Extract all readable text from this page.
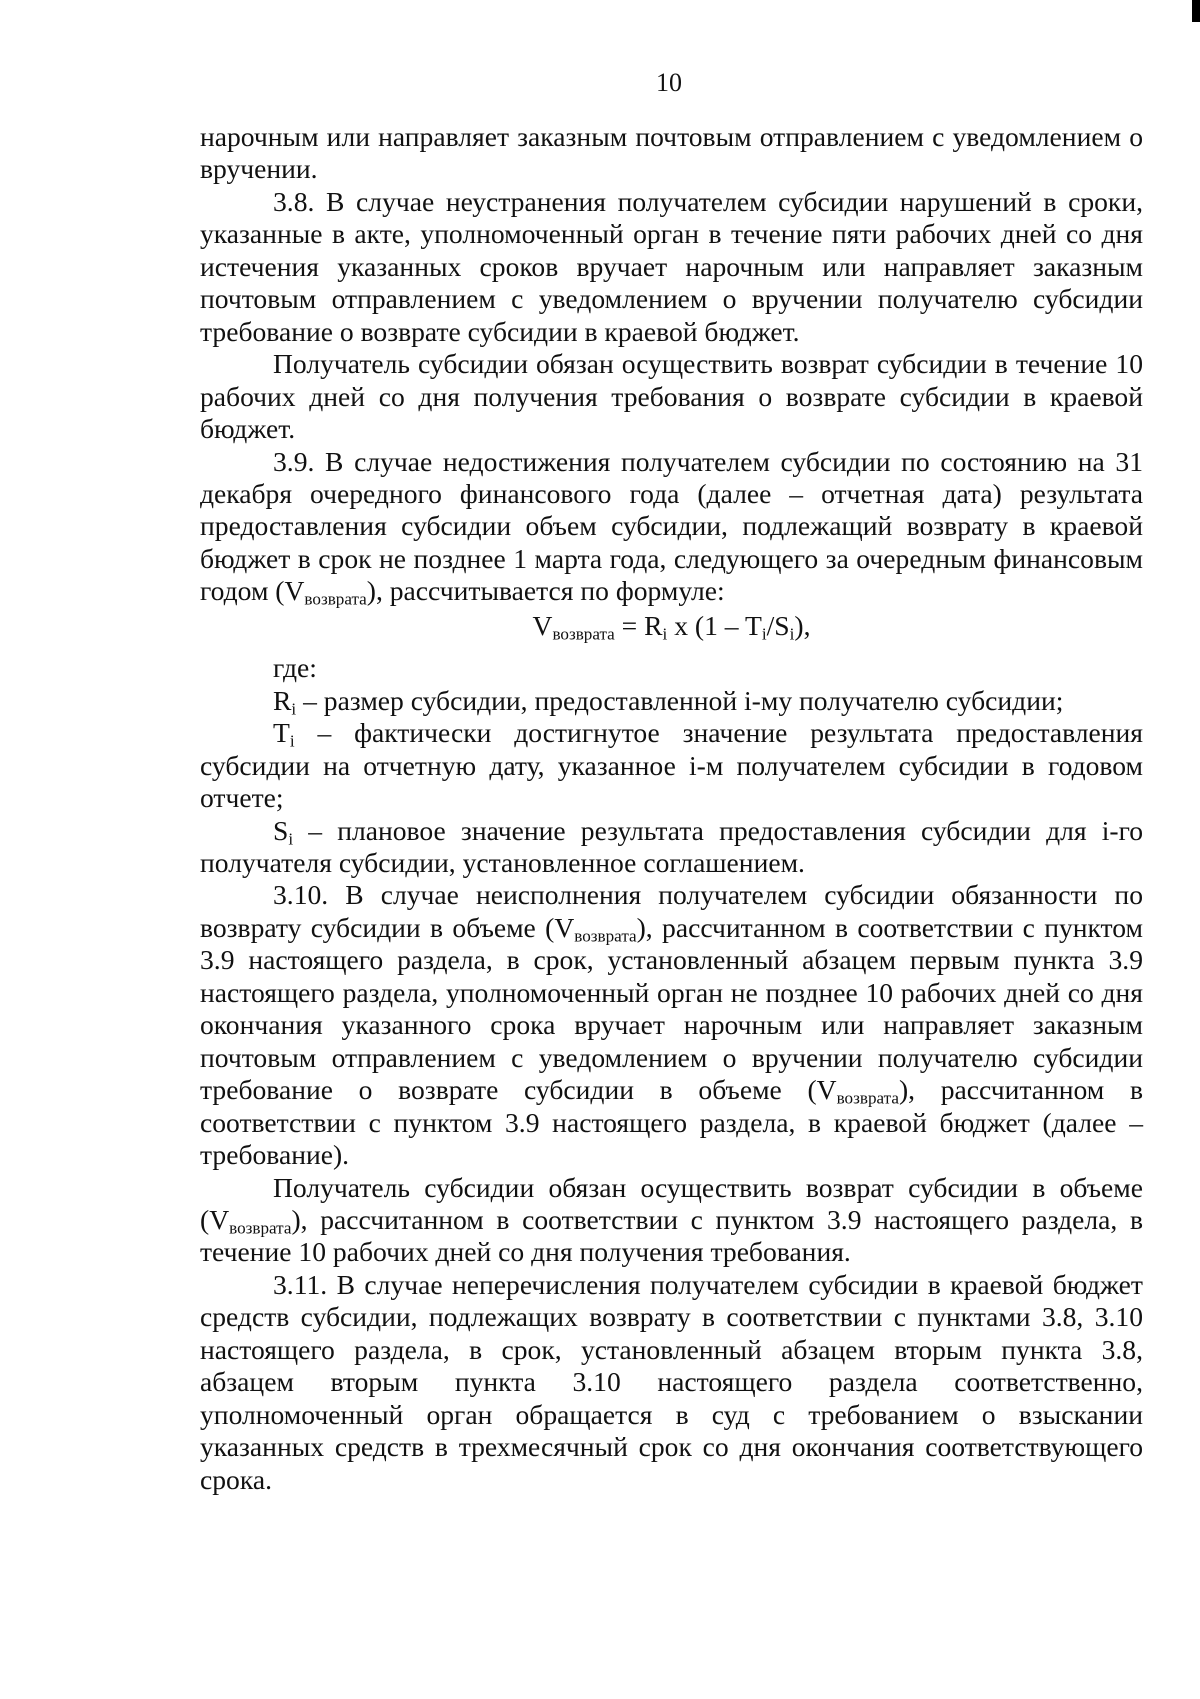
10

нарочным или направляет заказным почтовым отправлением с уведомлением о вручении.

3.8. В случае неустранения получателем субсидии нарушений в сроки, указанные в акте, уполномоченный орган в течение пяти рабочих дней со дня истечения указанных сроков вручает нарочным или направляет заказным почтовым отправлением с уведомлением о вручении получателю субсидии требование о возврате субсидии в краевой бюджет.

Получатель субсидии обязан осуществить возврат субсидии в течение 10 рабочих дней со дня получения требования о возврате субсидии в краевой бюджет.

3.9. В случае недостижения получателем субсидии по состоянию на 31 декабря очередного финансового года (далее – отчетная дата) результата предоставления субсидии объем субсидии, подлежащий возврату в краевой бюджет в срок не позднее 1 марта года, следующего за очередным финансовым годом $(V_{возврата})$, рассчитывается по формуле:

$V_{возврата} = R_i$ x $(1 - T_i/S_i)$,

где:

$R_i$ – размер субсидии, предоставленной i-му получателю субсидии;

$T_i$ – фактически достигнутое значение результата предоставления субсидии на отчетную дату, указанное i-м получателем субсидии в годовом отчете;

$S_i$ – плановое значение результата предоставления субсидии для i-го получателя субсидии, установленное соглашением.

3.10. В случае неисполнения получателем субсидии обязанности по возврату субсидии в объеме $(V_{возврата})$, рассчитанном в соответствии с пунктом 3.9 настоящего раздела, в срок, установленный абзацем первым пункта 3.9 настоящего раздела, уполномоченный орган не позднее 10 рабочих дней со дня окончания указанного срока вручает нарочным или направляет заказным почтовым отправлением с уведомлением о вручении получателю субсидии требование о возврате субсидии в объеме $(V_{возврата})$, рассчитанном в соответствии с пунктом 3.9 настоящего раздела, в краевой бюджет (далее – требование).

Получатель субсидии обязан осуществить возврат субсидии в объеме $(V_{возврата})$, рассчитанном в соответствии с пунктом 3.9 настоящего раздела, в течение 10 рабочих дней со дня получения требования.

3.11. В случае неперечисления получателем субсидии в краевой бюджет средств субсидии, подлежащих возврату в соответствии с пунктами 3.8, 3.10 настоящего раздела, в срок, установленный абзацем вторым пункта 3.8, абзацем вторым пункта 3.10 настоящего раздела соответственно, уполномоченный орган обращается в суд с требованием о взыскании указанных средств в трехмесячный срок со дня окончания соответствующего срока.
